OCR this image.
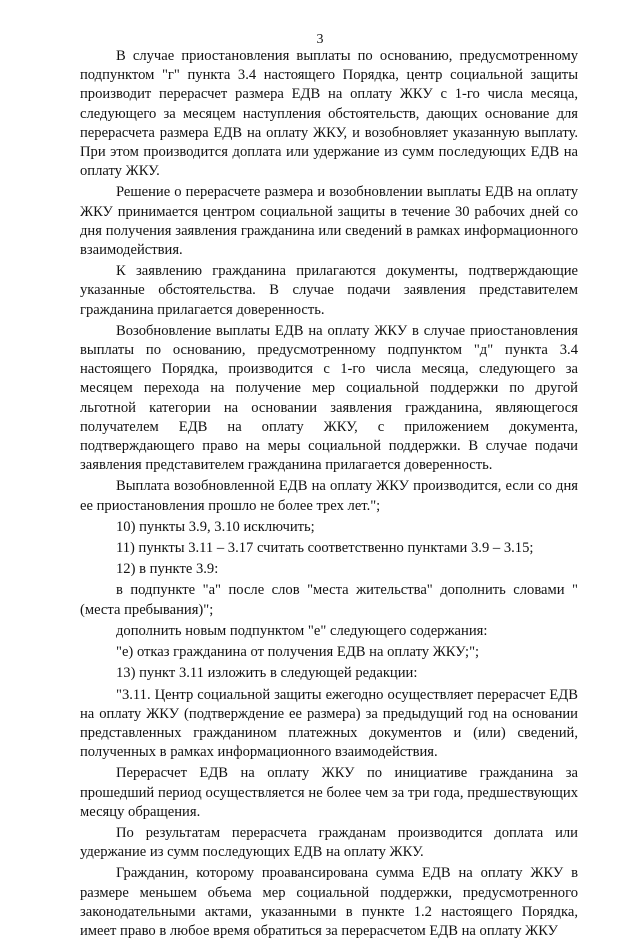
3

В случае приостановления выплаты по основанию, предусмотренному подпунктом "г" пункта 3.4 настоящего Порядка, центр социальной защиты производит перерасчет размера ЕДВ на оплату ЖКУ с 1-го числа месяца, следующего за месяцем наступления обстоятельств, дающих основание для перерасчета размера ЕДВ на оплату ЖКУ, и возобновляет указанную выплату. При этом производится доплата или удержание из сумм последующих ЕДВ на оплату ЖКУ.

Решение о перерасчете размера и возобновлении выплаты ЕДВ на оплату ЖКУ принимается центром социальной защиты в течение 30 рабочих дней со дня получения заявления гражданина или сведений в рамках информационного взаимодействия.

К заявлению гражданина прилагаются документы, подтверждающие указанные обстоятельства. В случае подачи заявления представителем гражданина прилагается доверенность.

Возобновление выплаты ЕДВ на оплату ЖКУ в случае приостановления выплаты по основанию, предусмотренному подпунктом "д" пункта 3.4 настоящего Порядка, производится с 1-го числа месяца, следующего за месяцем перехода на получение мер социальной поддержки по другой льготной категории на основании заявления гражданина, являющегося получателем ЕДВ на оплату ЖКУ, с приложением документа, подтверждающего право на меры социальной поддержки. В случае подачи заявления представителем гражданина прилагается доверенность.

Выплата возобновленной ЕДВ на оплату ЖКУ производится, если со дня ее приостановления прошло не более трех лет.";

10) пункты 3.9, 3.10 исключить;

11) пункты 3.11 – 3.17 считать соответственно пунктами 3.9 – 3.15;

12) в пункте 3.9:

в подпункте "а" после слов "места жительства" дополнить словами "(места пребывания)";

дополнить новым подпунктом "е" следующего содержания:

"е) отказ гражданина от получения ЕДВ на оплату ЖКУ;";

13) пункт 3.11 изложить в следующей редакции:

"3.11. Центр социальной защиты ежегодно осуществляет перерасчет ЕДВ на оплату ЖКУ (подтверждение ее размера) за предыдущий год на основании представленных гражданином платежных документов и (или) сведений, полученных в рамках информационного взаимодействия.

Перерасчет ЕДВ на оплату ЖКУ по инициативе гражданина за прошедший период осуществляется не более чем за три года, предшествующих месяцу обращения.

По результатам перерасчета гражданам производится доплата или удержание из сумм последующих ЕДВ на оплату ЖКУ.

Гражданин, которому проавансирована сумма ЕДВ на оплату ЖКУ в размере меньшем объема мер социальной поддержки, предусмотренного законодательными актами, указанными в пункте 1.2 настоящего Порядка, имеет право в любое время обратиться за перерасчетом ЕДВ на оплату ЖКУ
